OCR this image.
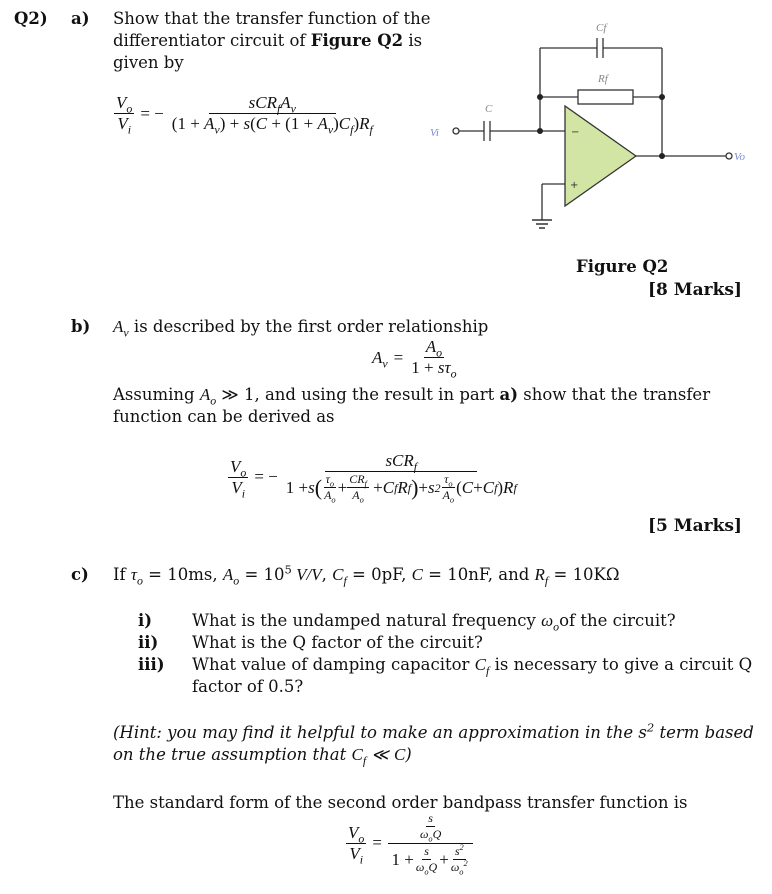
Q2) a) Show that the transfer function of the
differentiator circuit of Figure Q2 is
given by
$\frac{V_o}{V_i}$ = − $\frac{sCR_fA_v}{(1 + A_v) + s(C + (1 + A_v)C_f)R_f}$
Cf
Rf
C
Vi
Vo
−
+
Figure Q2
[8 Marks]
b) $A_v$ is described by the first order relationship
$A_v = \frac{A_o}{1 + s\tau_o}$
Assuming $A_o$ ≫ 1, and using the result in part a) show that the transfer
function can be derived as
$\frac{V_o}{V_i}$ = − $\frac{sCR_f}{1 + s ( \frac{\tau_o}{A_o} + \frac{CR_f}{A_o} + C f R f ) + s 2 \frac{\tau_o}{A_o} ( C + C f ) R f}$
[5 Marks]
c) If $\tau_o = 10ms$, $A_o = 10^5$ V/V, $C_f = 0pF$, C = 10nF, and $R_f = 10K\Omega$
i) What is the undamped natural frequency $\omega_oof$ the circuit?
ii) What is the Q factor of the circuit?
iii) What value of damping capacitor $C_f$ is necessary to give a circuit Q
factor of 0.5?
(Hint: you may find it helpful to make an approximation in the $s^2$ term based
on the true assumption that $C_f$ ≪ C)
The standard form of the second order bandpass transfer function is
$\frac{V_o}{V_i} = \frac{\frac{s}{\omega_oQ}}{1 + \frac{s}{\omega_oQ} + \frac{s^2}{\omega_o^2}}$
